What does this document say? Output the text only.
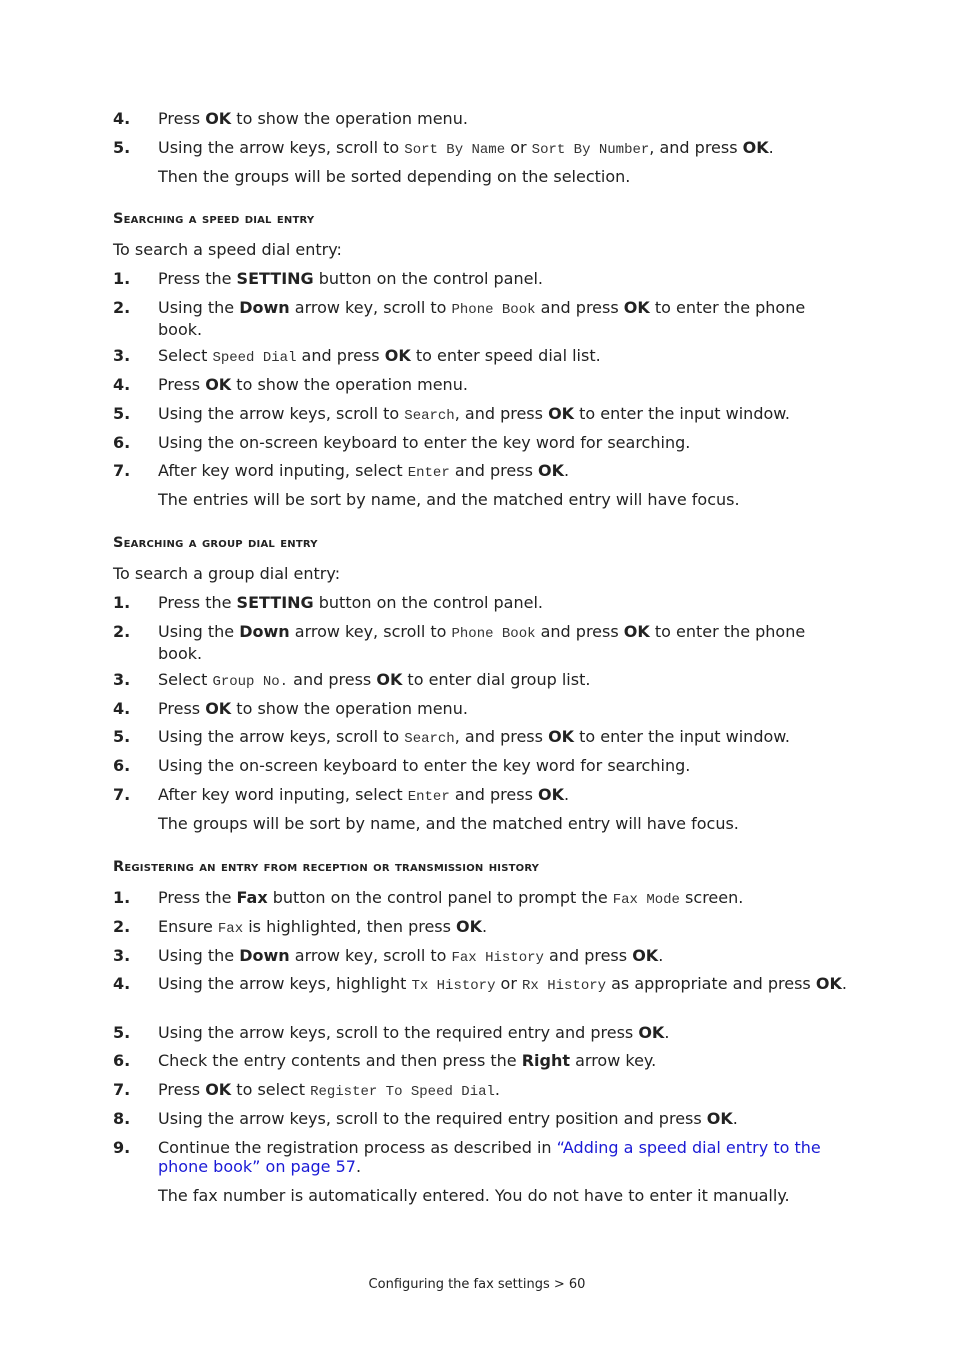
4. Press OK to show the operation menu.
5. Using the arrow keys, scroll to Sort By Name or Sort By Number, and press OK.
Then the groups will be sorted depending on the selection.
Searching a speed dial entry
To search a speed dial entry:
1. Press the SETTING button on the control panel.
2. Using the Down arrow key, scroll to Phone Book and press OK to enter the phone book.
3. Select Speed Dial and press OK to enter speed dial list.
4. Press OK to show the operation menu.
5. Using the arrow keys, scroll to Search, and press OK to enter the input window.
6. Using the on-screen keyboard to enter the key word for searching.
7. After key word inputing, select Enter and press OK.
The entries will be sort by name, and the matched entry will have focus.
Searching a group dial entry
To search a group dial entry:
1. Press the SETTING button on the control panel.
2. Using the Down arrow key, scroll to Phone Book and press OK to enter the phone book.
3. Select Group No. and press OK to enter dial group list.
4. Press OK to show the operation menu.
5. Using the arrow keys, scroll to Search, and press OK to enter the input window.
6. Using the on-screen keyboard to enter the key word for searching.
7. After key word inputing, select Enter and press OK.
The groups will be sort by name, and the matched entry will have focus.
Registering an entry from reception or transmission history
1. Press the Fax button on the control panel to prompt the Fax Mode screen.
2. Ensure Fax is highlighted, then press OK.
3. Using the Down arrow key, scroll to Fax History and press OK.
4. Using the arrow keys, highlight Tx History or Rx History as appropriate and press OK.
5. Using the arrow keys, scroll to the required entry and press OK.
6. Check the entry contents and then press the Right arrow key.
7. Press OK to select Register To Speed Dial.
8. Using the arrow keys, scroll to the required entry position and press OK.
9. Continue the registration process as described in “Adding a speed dial entry to the phone book” on page 57.
The fax number is automatically entered. You do not have to enter it manually.
Configuring the fax settings > 60
